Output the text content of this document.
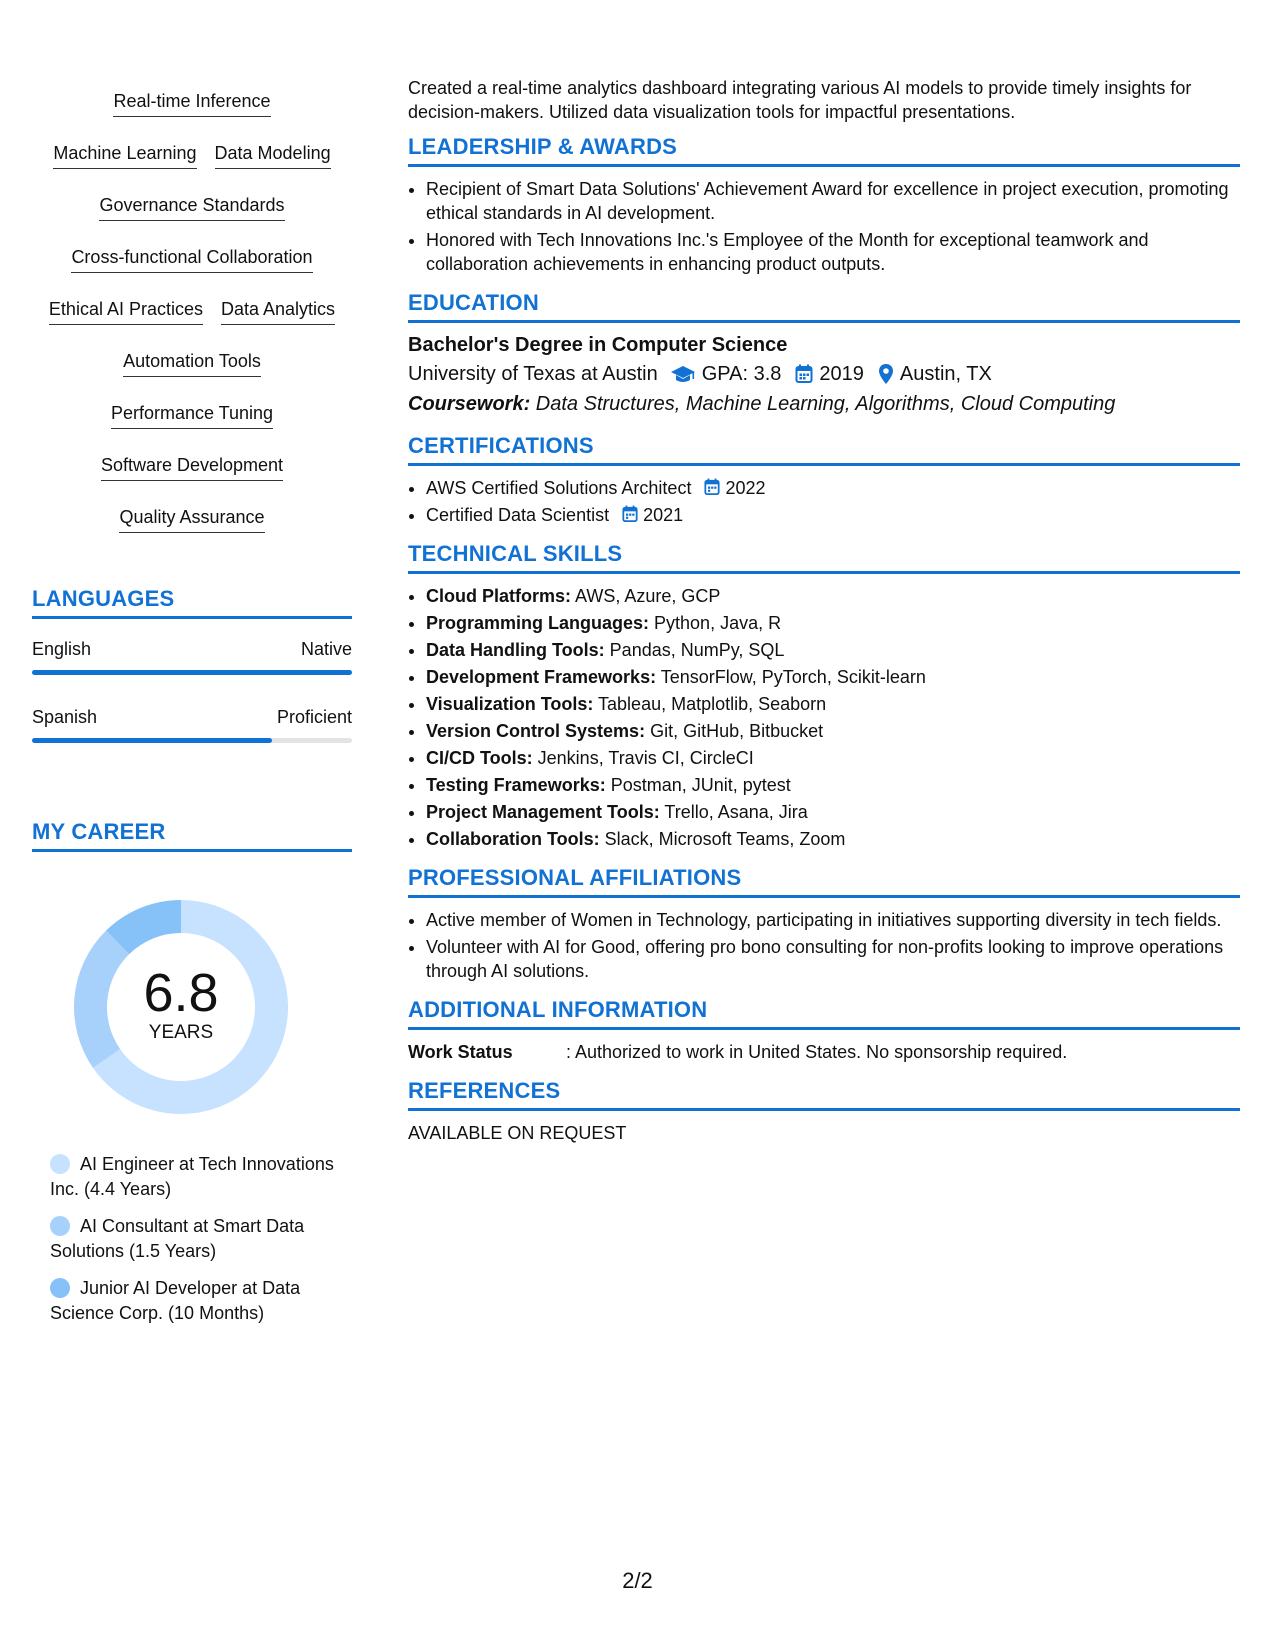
Real-time Inference
Machine Learning Data Modeling
Governance Standards
Cross-functional Collaboration
Ethical AI Practices Data Analytics
Automation Tools
Performance Tuning
Software Development
Quality Assurance
LANGUAGES
English	Native
Spanish	Proficient
MY CAREER
6.8
YEARS
AI Engineer at Tech Innovations Inc. (4.4 Years)
AI Consultant at Smart Data Solutions (1.5 Years)
Junior AI Developer at Data Science Corp. (10 Months)

Created a real-time analytics dashboard integrating various AI models to provide timely insights for decision-makers. Utilized data visualization tools for impactful presentations.

LEADERSHIP & AWARDS
• Recipient of Smart Data Solutions' Achievement Award for excellence in project execution, promoting ethical standards in AI development.
• Honored with Tech Innovations Inc.'s Employee of the Month for exceptional teamwork and collaboration achievements in enhancing product outputs.
EDUCATION
Bachelor's Degree in Computer Science
University of Texas at Austin GPA: 3.8 2019 Austin, TX
Coursework: Data Structures, Machine Learning, Algorithms, Cloud Computing
CERTIFICATIONS
• AWS Certified Solutions Architect 2022
• Certified Data Scientist 2021
TECHNICAL SKILLS
• Cloud Platforms: AWS, Azure, GCP
• Programming Languages: Python, Java, R
• Data Handling Tools: Pandas, NumPy, SQL
• Development Frameworks: TensorFlow, PyTorch, Scikit-learn
• Visualization Tools: Tableau, Matplotlib, Seaborn
• Version Control Systems: Git, GitHub, Bitbucket
• CI/CD Tools: Jenkins, Travis CI, CircleCI
• Testing Frameworks: Postman, JUnit, pytest
• Project Management Tools: Trello, Asana, Jira
• Collaboration Tools: Slack, Microsoft Teams, Zoom
PROFESSIONAL AFFILIATIONS
• Active member of Women in Technology, participating in initiatives supporting diversity in tech fields.
• Volunteer with AI for Good, offering pro bono consulting for non-profits looking to improve operations through AI solutions.
ADDITIONAL INFORMATION
Work Status	: Authorized to work in United States. No sponsorship required.
REFERENCES
AVAILABLE ON REQUEST
2/2
